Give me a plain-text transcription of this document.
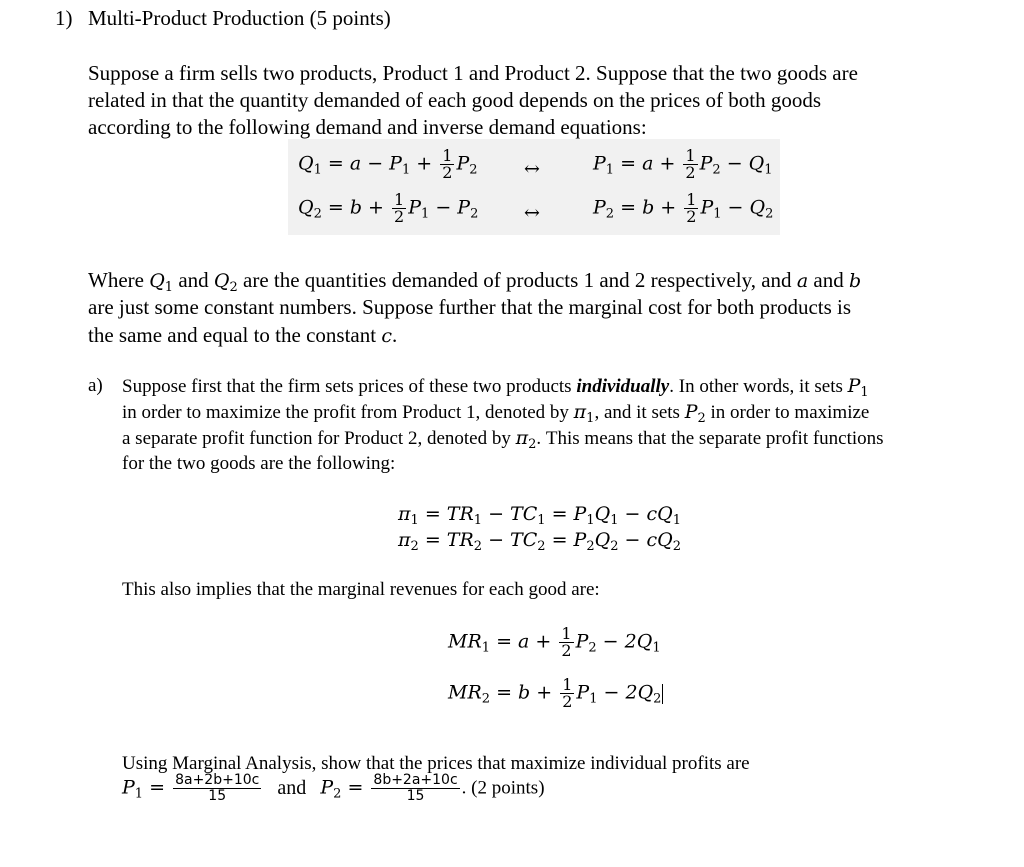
1) Multi-Product Production (5 points)
Suppose a firm sells two products, Product 1 and Product 2. Suppose that the two goods are
related in that the quantity demanded of each good depends on the prices of both goods
according to the following demand and inverse demand equations:
$Q_1 = a - P_1 + \frac{1}{2} P_2$ ↔	$P_1 = a + \frac{1}{2} P_2 - Q_1$
$Q_2 = b + \frac{1}{2} P_1 - P_2$ ↔	$P_2 = b + \frac{1}{2} P_1 - Q_2$
Where $Q_1$ and $Q_2$ are the quantities demanded of products 1 and 2 respectively, and a and b
are just some constant numbers. Suppose further that the marginal cost for both products is
the same and equal to the constant c.
a) Suppose first that the firm sets prices of these two products individually. In other words, it sets $P_1$
in order to maximize the profit from Product 1, denoted by $\pi_1$, and it sets $P_2$ in order to maximize
a separate profit function for Product 2, denoted by $\pi_2$. This means that the separate profit functions
for the two goods are the following:
$\pi_1 = TR_1 - TC_1 = P_1Q_1 - cQ_1$
$\pi_2 = TR_2 - TC_2 = P_2Q_2 - cQ_2$
This also implies that the marginal revenues for each good are:
$MR_1 = a + \frac{1}{2} P_2 - 2Q_1$
$MR_2 = b + \frac{1}{2} P_1 - 2Q_2$
Using Marginal Analysis, show that the prices that maximize individual profits are
$P_1 = \frac{8a+2b+10c}{15}$ and $P_2 = \frac{8b+2a+10c}{15}$ . (2 points)
